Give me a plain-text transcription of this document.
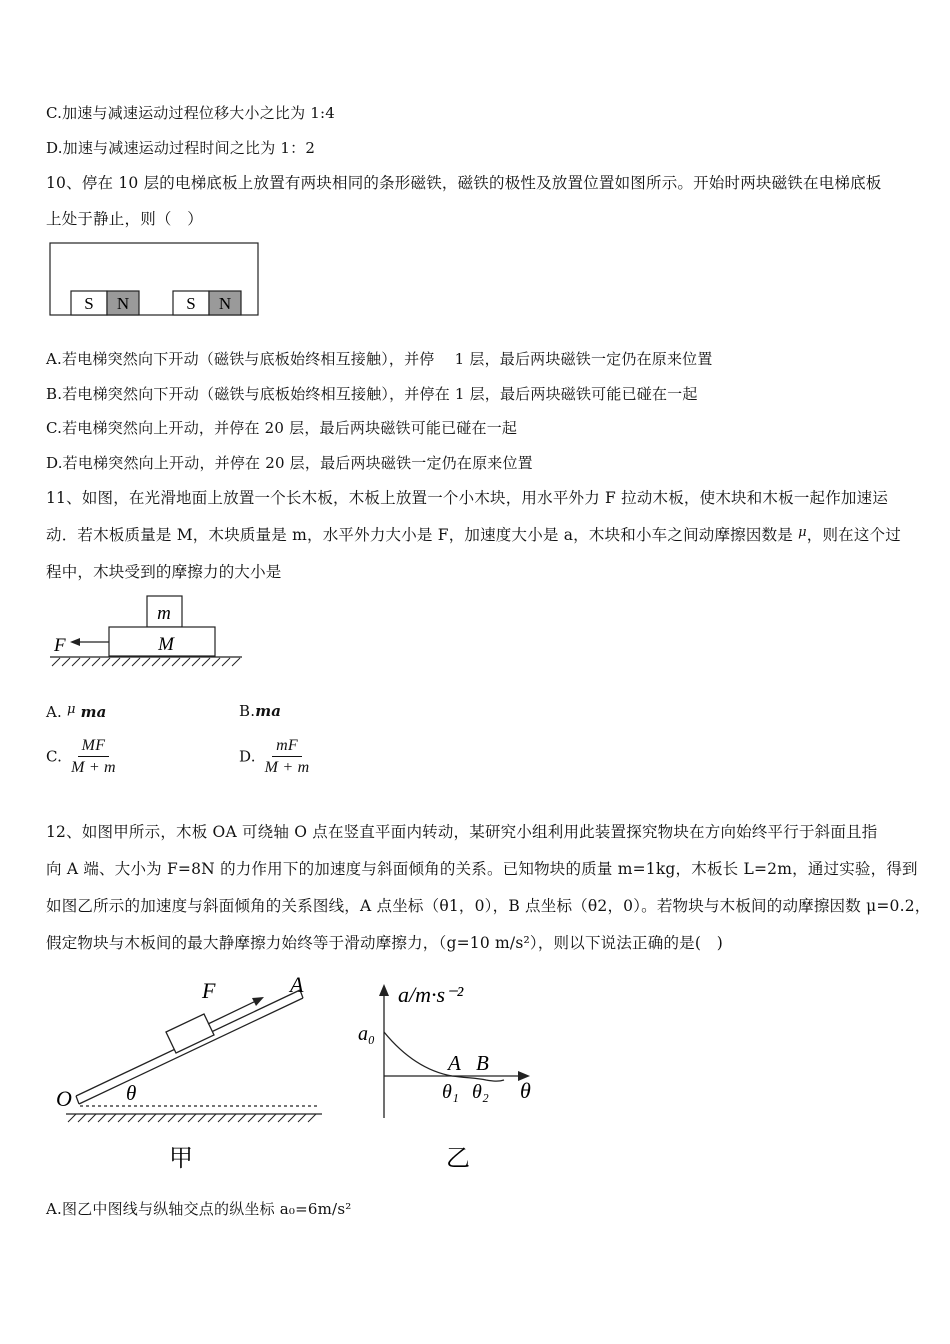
C.加速与减速运动过程位移大小之比为 1:4
D.加速与减速运动过程时间之比为 1：2
10、停在 10 层的电梯底板上放置有两块相同的条形磁铁，磁铁的极性及放置位置如图所示。开始时两块磁铁在电梯底板
上处于静止，则（　）
S N	S N
A.若电梯突然向下开动（磁铁与底板始终相互接触），并停　 1 层，最后两块磁铁一定仍在原来位置
B.若电梯突然向下开动（磁铁与底板始终相互接触），并停在 1 层，最后两块磁铁可能已碰在一起
C.若电梯突然向上开动，并停在 20 层，最后两块磁铁可能已碰在一起
D.若电梯突然向上开动，并停在 20 层，最后两块磁铁一定仍在原来位置
11、如图，在光滑地面上放置一个长木板，木板上放置一个小木块，用水平外力 F 拉动木板，使木块和木板一起作加速运
动．若木板质量是 M，木块质量是 m，水平外力大小是 F，加速度大小是 a，木块和小车之间动摩擦因数是 $^\mu$，则在这个过
程中，木块受到的摩擦力的大小是
m
M
F
A. μ ma	B.ma
C. $\frac{MF}{M + m}$	D. $\frac{mF}{M + m}$
12、如图甲所示，木板 OA 可绕轴 O 点在竖直平面内转动，某研究小组利用此装置探究物块在方向始终平行于斜面且指
向 A 端、大小为 F=8N 的力作用下的加速度与斜面倾角的关系。已知物块的质量 m=1kg，木板长 L=2m，通过实验，得到
如图乙所示的加速度与斜面倾角的关系图线，A 点坐标（θ1，0），B 点坐标（θ2，0）。若物块与木板间的动摩擦因数 μ=0.2，
假定物块与木板间的最大静摩擦力始终等于滑动摩擦力，（g=10 m/s²），则以下说法正确的是(　)
F	A
O	θ
甲
a/m·s⁻²
a₀
A B
θ₁ θ₂ θ
乙
A.图乙中图线与纵轴交点的纵坐标 a₀=6m/s²
